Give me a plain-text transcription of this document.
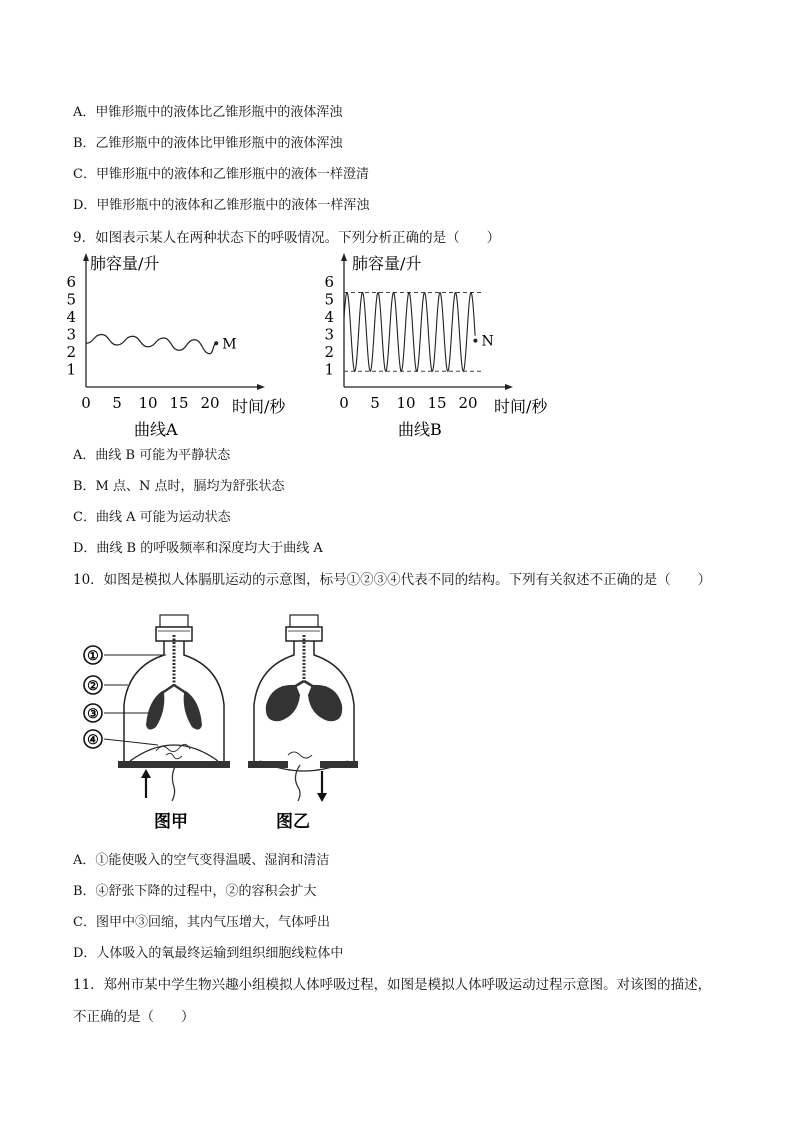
A．甲锥形瓶中的液体比乙锥形瓶中的液体浑浊
B．乙锥形瓶中的液体比甲锥形瓶中的液体浑浊
C．甲锥形瓶中的液体和乙锥形瓶中的液体一样澄清
D．甲锥形瓶中的液体和乙锥形瓶中的液体一样浑浊
9．如图表示某人在两种状态下的呼吸情况。下列分析正确的是（　　）
肺容量/升
时间/秒
曲线A
1
2
3
4
5
6
0 5 10 15 20
M
肺容量/升
时间/秒
曲线B
1
2
3
4
5
6
0 5 10 15 20
N
A．曲线 B 可能为平静状态
B．M 点、N 点时，膈均为舒张状态
C．曲线 A 可能为运动状态
D．曲线 B 的呼吸频率和深度均大于曲线 A
10．如图是模拟人体膈肌运动的示意图，标号①②③④代表不同的结构。下列有关叙述不正确的是（　　）
①
②
③
④
图甲	图乙
A．①能使吸入的空气变得温暖、湿润和清洁
B．④舒张下降的过程中，②的容积会扩大
C．图甲中③回缩，其内气压增大，气体呼出
D．人体吸入的氧最终运输到组织细胞线粒体中
11．郑州市某中学生物兴趣小组模拟人体呼吸过程，如图是模拟人体呼吸运动过程示意图。对该图的描述，
不正确的是（　　）
